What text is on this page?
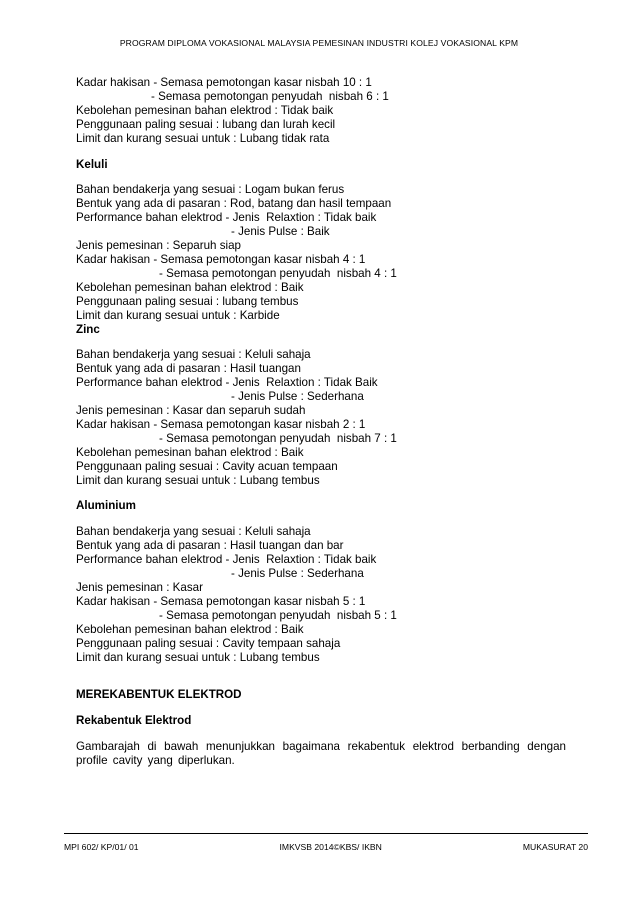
PROGRAM DIPLOMA VOKASIONAL MALAYSIA PEMESINAN INDUSTRI KOLEJ VOKASIONAL KPM
Kadar hakisan - Semasa pemotongan kasar nisbah 10 : 1
- Semasa pemotongan penyudah  nisbah 6 : 1
Kebolehan pemesinan bahan elektrod : Tidak baik
Penggunaan paling sesuai : lubang dan lurah kecil
Limit dan kurang sesuai untuk : Lubang tidak rata
Keluli
Bahan bendakerja yang sesuai : Logam bukan ferus
Bentuk yang ada di pasaran : Rod, batang dan hasil tempaan
Performance bahan elektrod - Jenis  Relaxtion : Tidak baik
- Jenis Pulse : Baik
Jenis pemesinan : Separuh siap
Kadar hakisan - Semasa pemotongan kasar nisbah 4 : 1
- Semasa pemotongan penyudah  nisbah 4 : 1
Kebolehan pemesinan bahan elektrod : Baik
Penggunaan paling sesuai : lubang tembus
Limit dan kurang sesuai untuk : Karbide
Zinc
Bahan bendakerja yang sesuai : Keluli sahaja
Bentuk yang ada di pasaran : Hasil tuangan
Performance bahan elektrod - Jenis  Relaxtion : Tidak Baik
- Jenis Pulse : Sederhana
Jenis pemesinan : Kasar dan separuh sudah
Kadar hakisan - Semasa pemotongan kasar nisbah 2 : 1
- Semasa pemotongan penyudah  nisbah 7 : 1
Kebolehan pemesinan bahan elektrod : Baik
Penggunaan paling sesuai : Cavity acuan tempaan
Limit dan kurang sesuai untuk : Lubang tembus
Aluminium
Bahan bendakerja yang sesuai : Keluli sahaja
Bentuk yang ada di pasaran : Hasil tuangan dan bar
Performance bahan elektrod - Jenis  Relaxtion : Tidak baik
- Jenis Pulse : Sederhana
Jenis pemesinan : Kasar
Kadar hakisan - Semasa pemotongan kasar nisbah 5 : 1
- Semasa pemotongan penyudah  nisbah 5 : 1
Kebolehan pemesinan bahan elektrod : Baik
Penggunaan paling sesuai : Cavity tempaan sahaja
Limit dan kurang sesuai untuk : Lubang tembus
MEREKABENTUK ELEKTROD
Rekabentuk Elektrod
Gambarajah di bawah menunjukkan bagaimana rekabentuk elektrod berbanding dengan profile cavity yang diperlukan.
MPI 602/ KP/01/ 01	IMKVSB 2014©KBS/ IKBN	MUKASURAT 20
